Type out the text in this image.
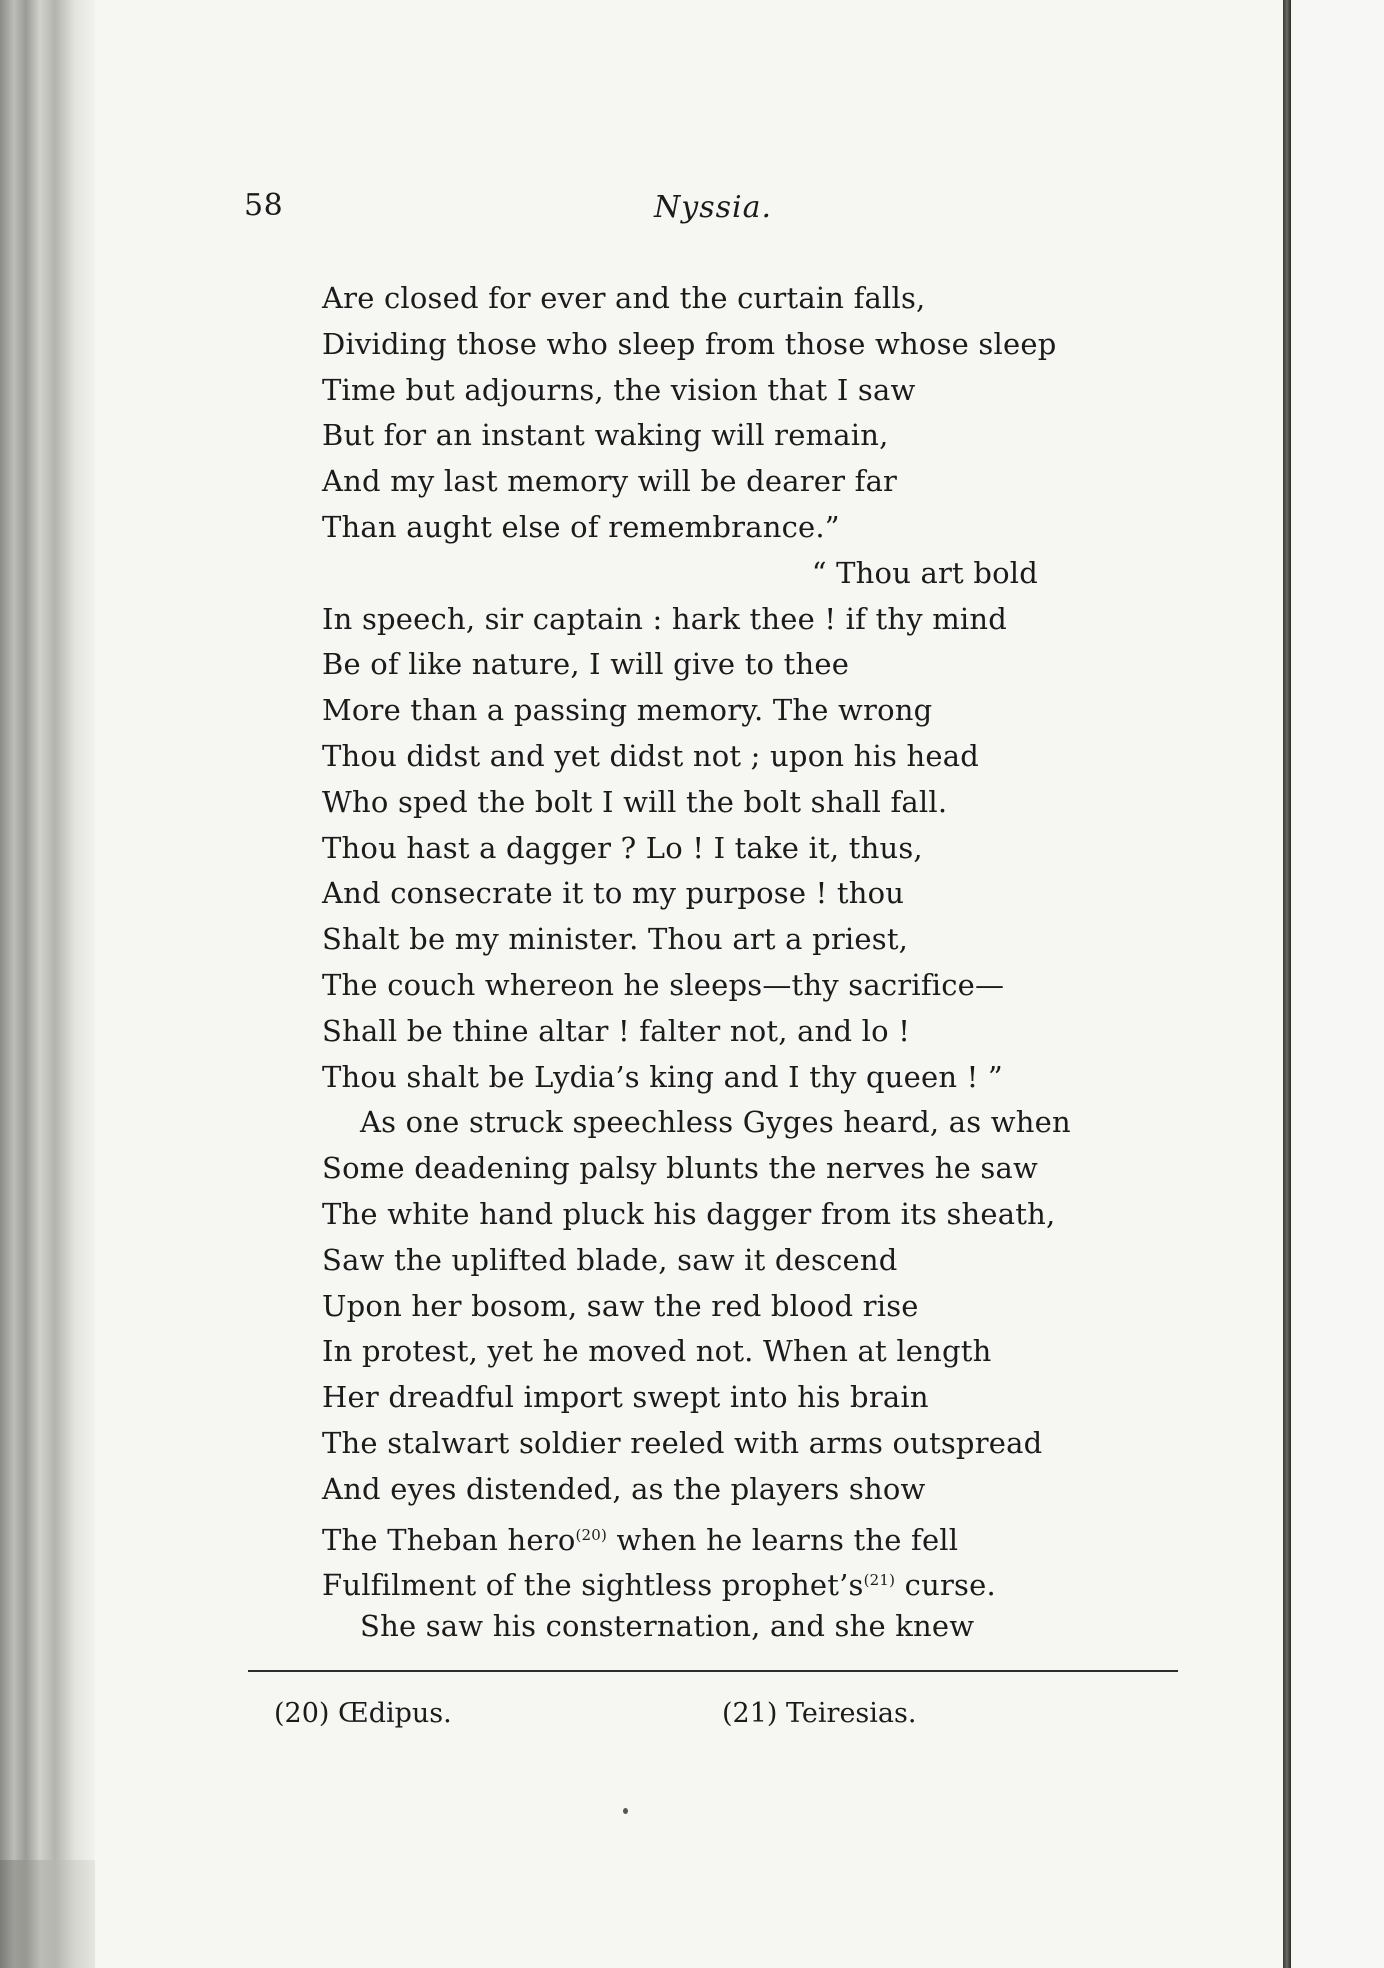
58	Nyssia.
Are closed for ever and the curtain falls,
Dividing those who sleep from those whose sleep
Time but adjourns, the vision that I saw
But for an instant waking will remain,
And my last memory will be dearer far
Than aught else of remembrance.”
“ Thou art bold
In speech, sir captain : hark thee ! if thy mind
Be of like nature, I will give to thee
More than a passing memory. The wrong
Thou didst and yet didst not ; upon his head
Who sped the bolt I will the bolt shall fall.
Thou hast a dagger ? Lo ! I take it, thus,
And consecrate it to my purpose ! thou
Shalt be my minister. Thou art a priest,
The couch whereon he sleeps—thy sacrifice—
Shall be thine altar ! falter not, and lo !
Thou shalt be Lydia’s king and I thy queen ! ”
As one struck speechless Gyges heard, as when
Some deadening palsy blunts the nerves he saw
The white hand pluck his dagger from its sheath,
Saw the uplifted blade, saw it descend
Upon her bosom, saw the red blood rise
In protest, yet he moved not. When at length
Her dreadful import swept into his brain
The stalwart soldier reeled with arms outspread
And eyes distended, as the players show
The Theban hero$^{(20)}$ when he learns the fell
Fulfilment of the sightless $prophet’s^{(21)}$ curse.
She saw his consternation, and she knew
(20) Œdipus.	(21) Teiresias.
